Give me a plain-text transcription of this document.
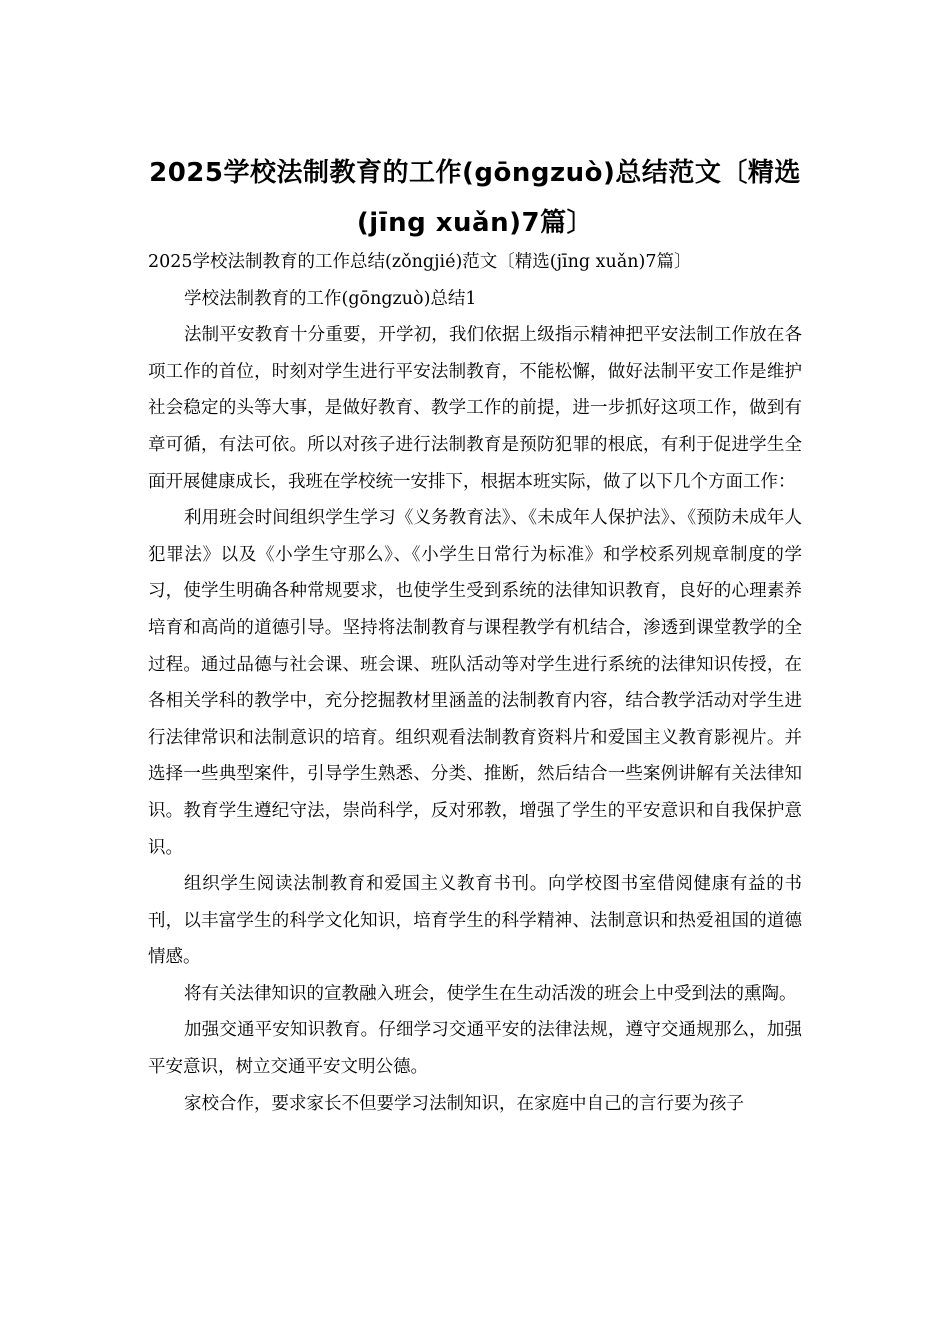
2025学校法制教育的工作(gōngzuò)总结范文〔精选(jīng xuǎn)7篇〕

2025学校法制教育的工作总结(zǒngjié)范文〔精选(jīng xuǎn)7篇〕

学校法制教育的工作(gōngzuò)总结1

法制平安教育十分重要，开学初，我们依据上级指示精神把平安法制工作放在各项工作的首位，时刻对学生进行平安法制教育，不能松懈，做好法制平安工作是维护社会稳定的头等大事，是做好教育、教学工作的前提，进一步抓好这项工作，做到有章可循，有法可依。所以对孩子进行法制教育是预防犯罪的根底，有利于促进学生全面开展健康成长，我班在学校统一安排下，根据本班实际，做了以下几个方面工作：

利用班会时间组织学生学习《义务教育法》、《未成年人保护法》、《预防未成年人犯罪法》以及《小学生守那么》、《小学生日常行为标准》和学校系列规章制度的学习，使学生明确各种常规要求，也使学生受到系统的法律知识教育，良好的心理素养培育和高尚的道德引导。坚持将法制教育与课程教学有机结合，渗透到课堂教学的全过程。通过品德与社会课、班会课、班队活动等对学生进行系统的法律知识传授，在各相关学科的教学中，充分挖掘教材里涵盖的法制教育内容，结合教学活动对学生进行法律常识和法制意识的培育。组织观看法制教育资料片和爱国主义教育影视片。并选择一些典型案件，引导学生熟悉、分类、推断，然后结合一些案例讲解有关法律知识。教育学生遵纪守法，崇尚科学，反对邪教，增强了学生的平安意识和自我保护意识。

组织学生阅读法制教育和爱国主义教育书刊。向学校图书室借阅健康有益的书刊，以丰富学生的科学文化知识，培育学生的科学精神、法制意识和热爱祖国的道德情感。

将有关法律知识的宣教融入班会，使学生在生动活泼的班会上中受到法的熏陶。

加强交通平安知识教育。仔细学习交通平安的法律法规，遵守交通规那么，加强平安意识，树立交通平安文明公德。

家校合作，要求家长不但要学习法制知识，在家庭中自己的言行要为孩子
